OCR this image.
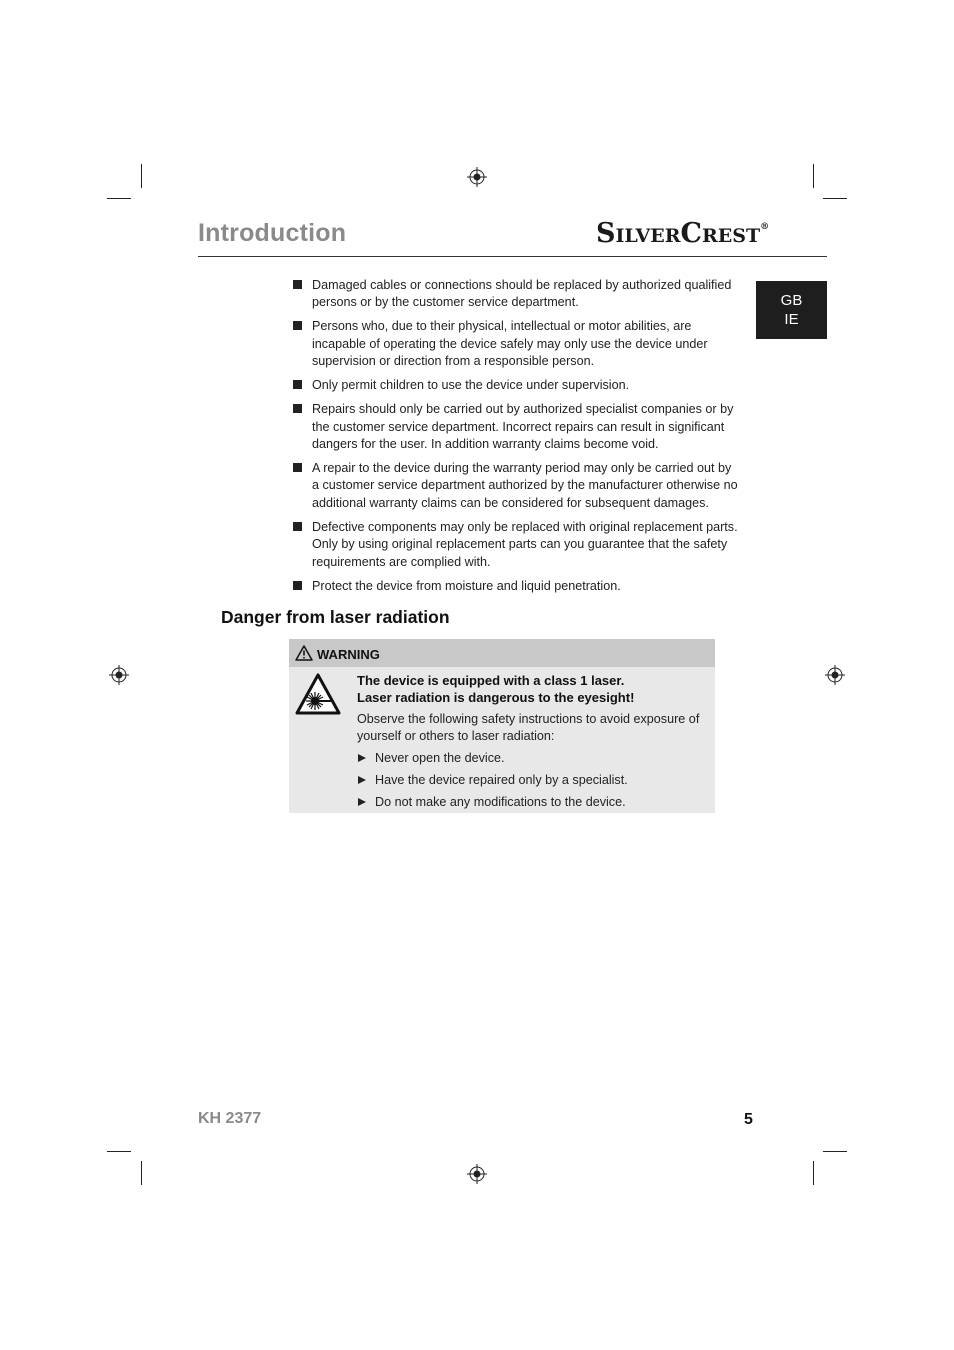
Introduction	SilverCrest®
GB
IE
Damaged cables or connections should be replaced by authorized qualified persons or by the customer service department.
Persons who, due to their physical, intellectual or motor abilities, are incapable of operating the device safely may only use the device under supervision or direction from a responsible person.
Only permit children to use the device under supervision.
Repairs should only be carried out by authorized specialist companies or by the customer service department. Incorrect repairs can result in significant dangers for the user. In addition warranty claims become void.
A repair to the device during the warranty period may only be carried out by a customer service department authorized by the manufacturer otherwise no additional warranty claims can be considered for subsequent damages.
Defective components may only be replaced with original replacement parts. Only by using original replacement parts can you guarantee that the safety requirements are complied with.
Protect the device from moisture and liquid penetration.
Danger from laser radiation
WARNING
The device is equipped with a class 1 laser.
Laser radiation is dangerous to the eyesight!
Observe the following safety instructions to avoid exposure of yourself or others to laser radiation:
Never open the device.
Have the device repaired only by a specialist.
Do not make any modifications to the device.
KH 2377	5
